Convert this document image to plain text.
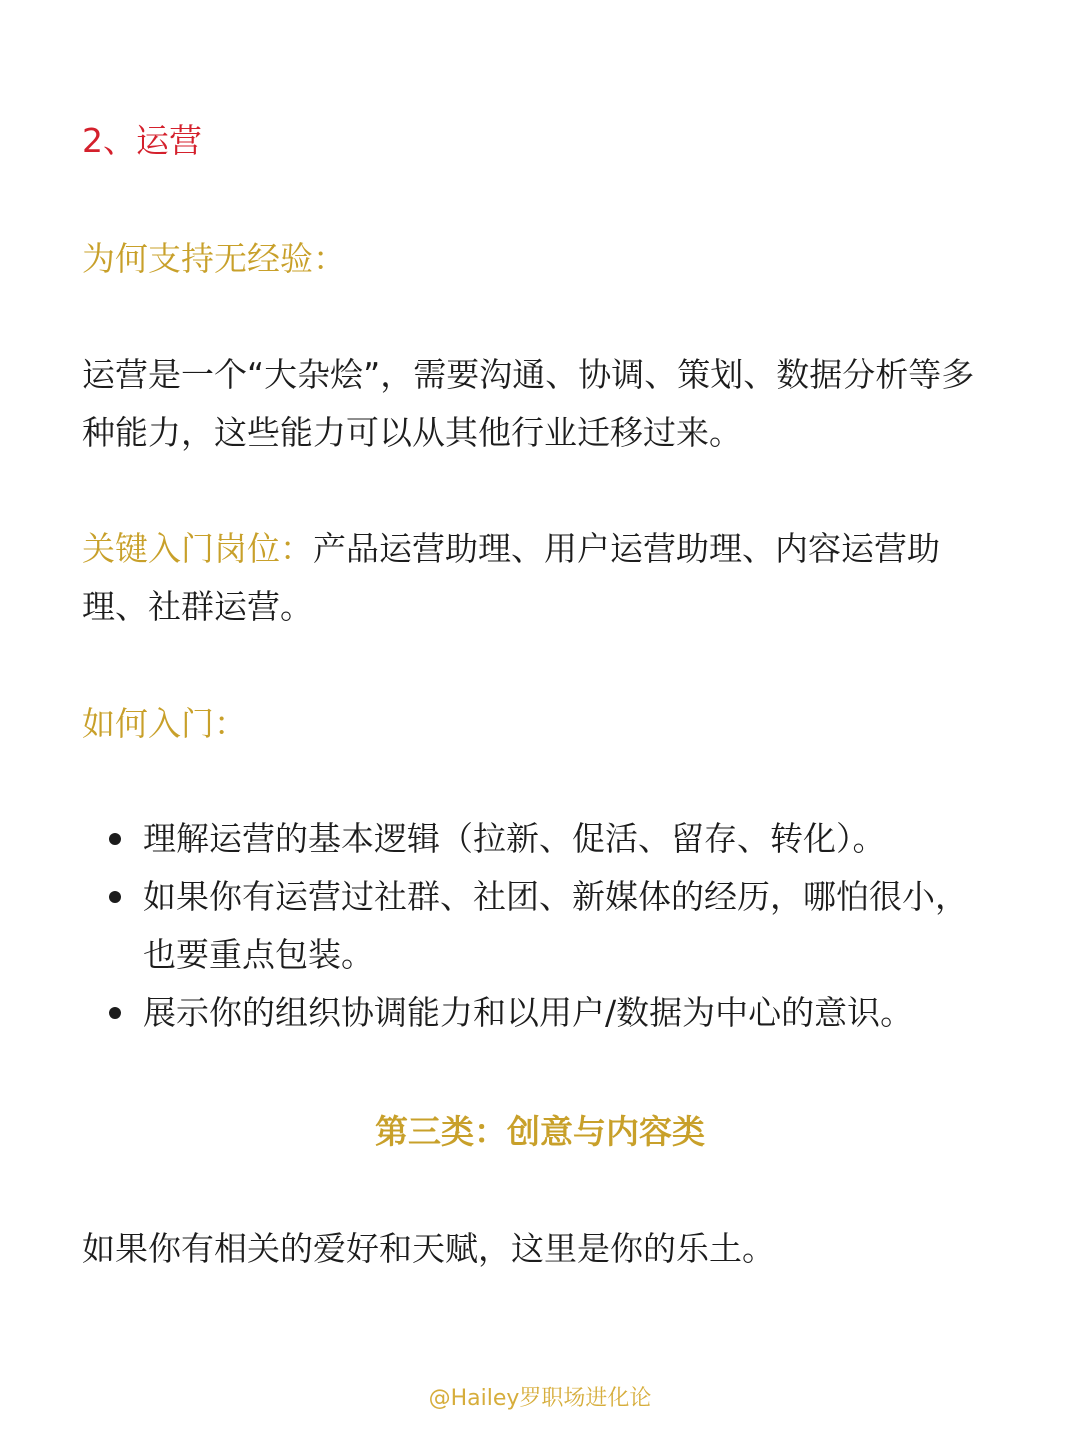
2、运营

为何支持无经验：

运营是一个“大杂烩”，需要沟通、协调、策划、数据分析等多种能力，这些能力可以从其他行业迁移过来。

关键入门岗位：产品运营助理、用户运营助理、内容运营助理、社群运营。

如何入门：

理解运营的基本逻辑（拉新、促活、留存、转化）。
如果你有运营过社群、社团、新媒体的经历，哪怕很小，也要重点包装。
展示你的组织协调能力和以用户/数据为中心的意识。
第三类：创意与内容类

如果你有相关的爱好和天赋，这里是你的乐土。

@Hailey罗职场进化论
